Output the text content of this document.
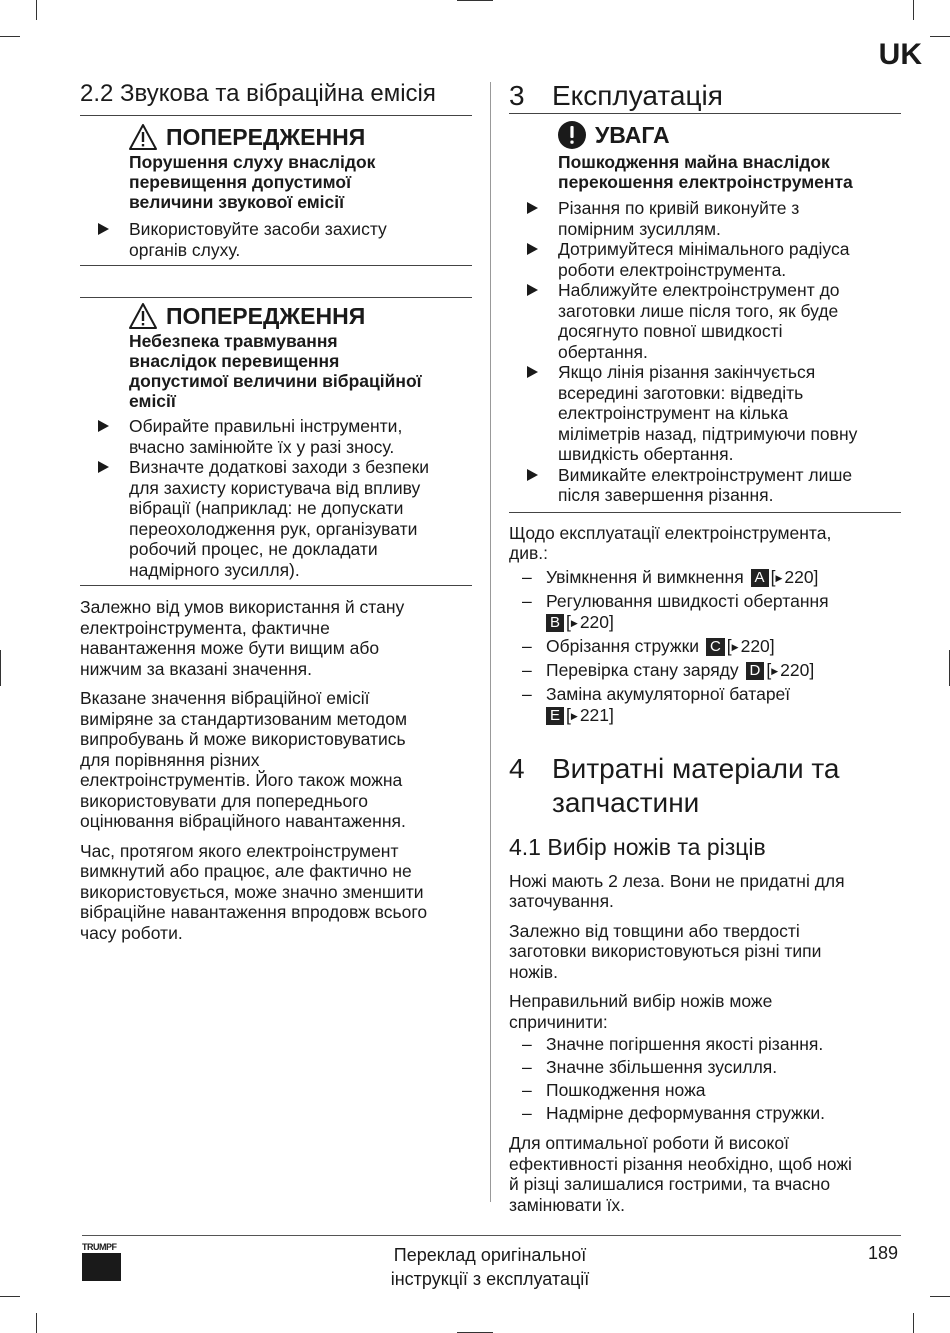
UK
2.2 Звукова та вібраційна емісія
ПОПЕРЕДЖЕННЯ
Порушення слуху внаслідок
перевищення допустимої
величини звукової емісії
Використовуйте засоби захисту
органів слуху.
ПОПЕРЕДЖЕННЯ
Небезпека травмування
внаслідок перевищення
допустимої величини вібраційної
емісії
Обирайте правильні інструменти,
вчасно замінюйте їх у разі зносу.
Визначте додаткові заходи з безпеки
для захисту користувача від впливу
вібрації (наприклад: не допускати
переохолодження рук, організувати
робочий процес, не докладати
надмірного зусилля).
Залежно від умов використання й стану
електроінструмента, фактичне
навантаження може бути вищим або
нижчим за вказані значення.
Вказане значення вібраційної емісії
виміряне за стандартизованим методом
випробувань й може використовуватись
для порівняння різних
електроінструментів. Його також можна
використовувати для попереднього
оцінювання вібраційного навантаження.
Час, протягом якого електроінструмент
вимкнутий або працює, але фактично не
використовується, може значно зменшити
вібраційне навантаження впродовж всього
часу роботи.
3 Експлуатація
УВАГА
Пошкодження майна внаслідок
перекошення електроінструмента
Різання по кривій виконуйте з
помірним зусиллям.
Дотримуйтеся мінімального радіуса
роботи електроінструмента.
Наближуйте електроінструмент до
заготовки лише після того, як буде
досягнуто повної швидкості
обертання.
Якщо лінія різання закінчується
всередині заготовки: відведіть
електроінструмент на кілька
міліметрів назад, підтримуючи повну
швидкість обертання.
Вимикайте електроінструмент лише
після завершення різання.
Щодо експлуатації електроінструмента,
див.:
– Увімкнення й вимкнення A [▶ 220]
– Регулювання швидкості обертання
B [▶ 220]
– Обрізання стружки C [▶ 220]
– Перевірка стану заряду D [▶ 220]
– Заміна акумуляторної батареї
E [▶ 221]
4 Витратні матеріали та
запчастини
4.1 Вибір ножів та різців
Ножі мають 2 леза. Вони не придатні для
заточування.
Залежно від товщини або твердості
заготовки використовуються різні типи
ножів.
Неправильний вибір ножів може
спричинити:
– Значне погіршення якості різання.
– Значне збільшення зусилля.
– Пошкодження ножа
– Надмірне деформування стружки.
Для оптимальної роботи й високої
ефективності різання необхідно, щоб ножі
й різці залишалися гострими, та вчасно
замінювати їх.
TRUMPF	Переклад оригінальної
інструкції з експлуатації
189
